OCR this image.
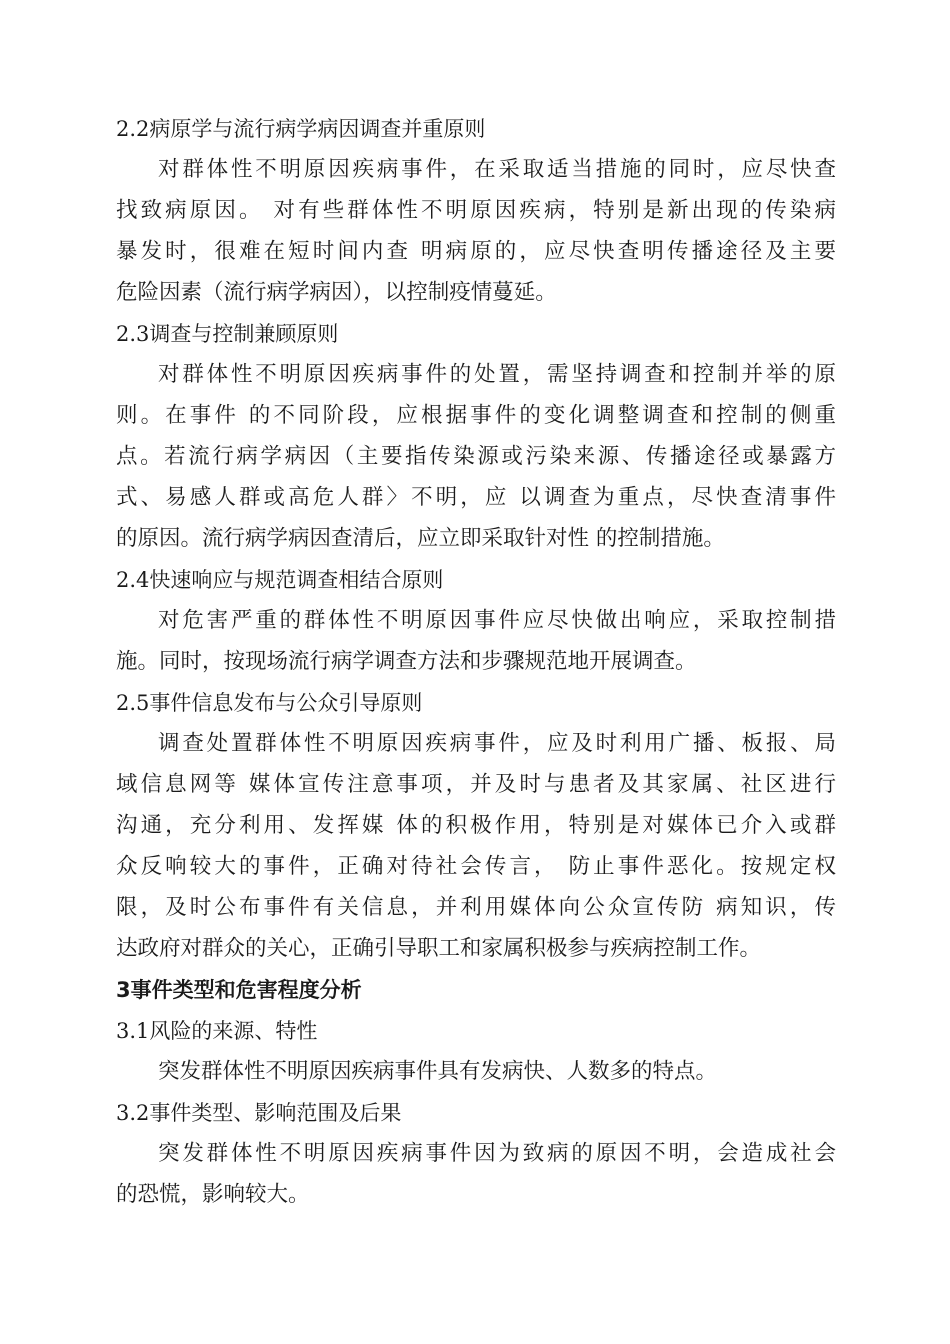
2.2病原学与流行病学病因调查并重原则
对群体性不明原因疾病事件，在采取适当措施的同时，应尽快查
找致病原因。 对有些群体性不明原因疾病，特别是新出现的传染病
暴发时，很难在短时间内查 明病原的，应尽快查明传播途径及主要
危险因素（流行病学病因），以控制疫情蔓延。
2.3调查与控制兼顾原则
对群体性不明原因疾病事件的处置，需坚持调查和控制并举的原
则。在事件 的不同阶段，应根据事件的变化调整调查和控制的侧重
点。若流行病学病因（主要指传染源或污染来源、传播途径或暴露方
式、易感人群或高危人群〉不明，应 以调查为重点，尽快查清事件
的原因。流行病学病因查清后，应立即采取针对性 的控制措施。
2.4快速响应与规范调查相结合原则
对危害严重的群体性不明原因事件应尽快做出响应，采取控制措
施。同时，按现场流行病学调查方法和步骤规范地开展调查。
2.5事件信息发布与公众引导原则
调查处置群体性不明原因疾病事件，应及时利用广播、板报、局
域信息网等 媒体宣传注意事项，并及时与患者及其家属、社区进行
沟通，充分利用、发挥媒 体的积极作用，特别是对媒体已介入或群
众反响较大的事件，正确对待社会传言， 防止事件恶化。按规定权
限，及时公布事件有关信息，并利用媒体向公众宣传防 病知识，传
达政府对群众的关心，正确引导职工和家属积极参与疾病控制工作。
3事件类型和危害程度分析
3.1风险的来源、特性
突发群体性不明原因疾病事件具有发病快、人数多的特点。
3.2事件类型、影响范围及后果
突发群体性不明原因疾病事件因为致病的原因不明，会造成社会
的恐慌，影响较大。
